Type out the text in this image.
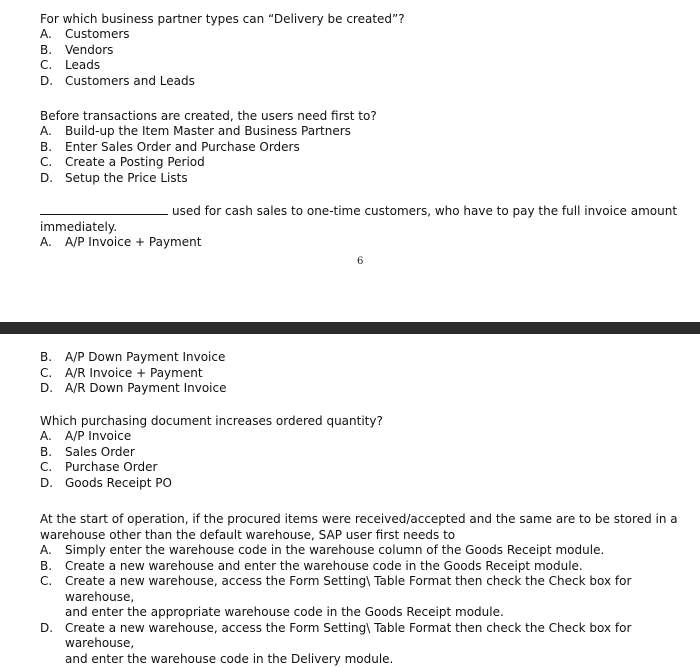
For which business partner types can “Delivery be created”?
A. Customers
B. Vendors
C. Leads
D. Customers and Leads
Before transactions are created, the users need first to?
A. Build-up the Item Master and Business Partners
B. Enter Sales Order and Purchase Orders
C. Create a Posting Period
D. Setup the Price Lists
used for cash sales to one-time customers, who have to pay the full invoice amount
immediately.
A. A/P Invoice + Payment
6
B. A/P Down Payment Invoice
C. A/R Invoice + Payment
D. A/R Down Payment Invoice
Which purchasing document increases ordered quantity?
A. A/P Invoice
B. Sales Order
C. Purchase Order
D. Goods Receipt PO
At the start of operation, if the procured items were received/accepted and the same are to be stored in a
warehouse other than the default warehouse, SAP user first needs to
A. Simply enter the warehouse code in the warehouse column of the Goods Receipt module.
B. Create a new warehouse and enter the warehouse code in the Goods Receipt module.
C. Create a new warehouse, access the Form Setting\ Table Format then check the Check box for warehouse,
and enter the appropriate warehouse code in the Goods Receipt module.
D. Create a new warehouse, access the Form Setting\ Table Format then check the Check box for warehouse,
and enter the warehouse code in the Delivery module.
